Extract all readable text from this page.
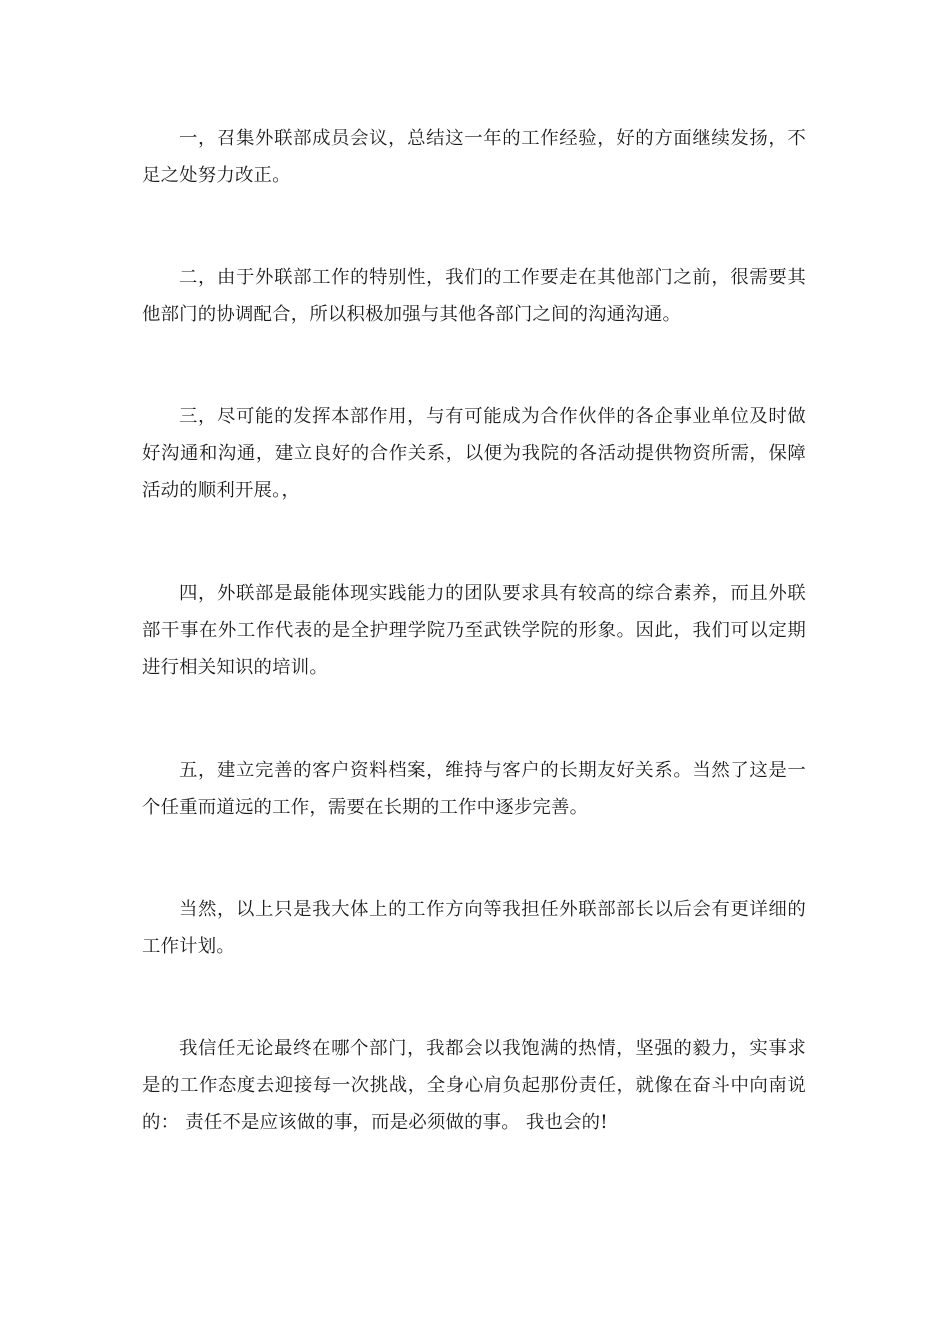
一，召集外联部成员会议，总结这一年的工作经验，好的方面继续发扬，不足之处努力改正。

二，由于外联部工作的特别性，我们的工作要走在其他部门之前，很需要其他部门的协调配合，所以积极加强与其他各部门之间的沟通沟通。

三，尽可能的发挥本部作用，与有可能成为合作伙伴的各企事业单位及时做好沟通和沟通，建立良好的合作关系，以便为我院的各活动提供物资所需，保障活动的顺利开展。，

四，外联部是最能体现实践能力的团队要求具有较高的综合素养，而且外联部干事在外工作代表的是全护理学院乃至武铁学院的形象。因此，我们可以定期进行相关知识的培训。

五，建立完善的客户资料档案，维持与客户的长期友好关系。当然了这是一个任重而道远的工作，需要在长期的工作中逐步完善。

当然，以上只是我大体上的工作方向等我担任外联部部长以后会有更详细的工作计划。

我信任无论最终在哪个部门，我都会以我饱满的热情，坚强的毅力，实事求是的工作态度去迎接每一次挑战，全身心肩负起那份责任，就像在奋斗中向南说的： 责任不是应该做的事，而是必须做的事。 我也会的!
